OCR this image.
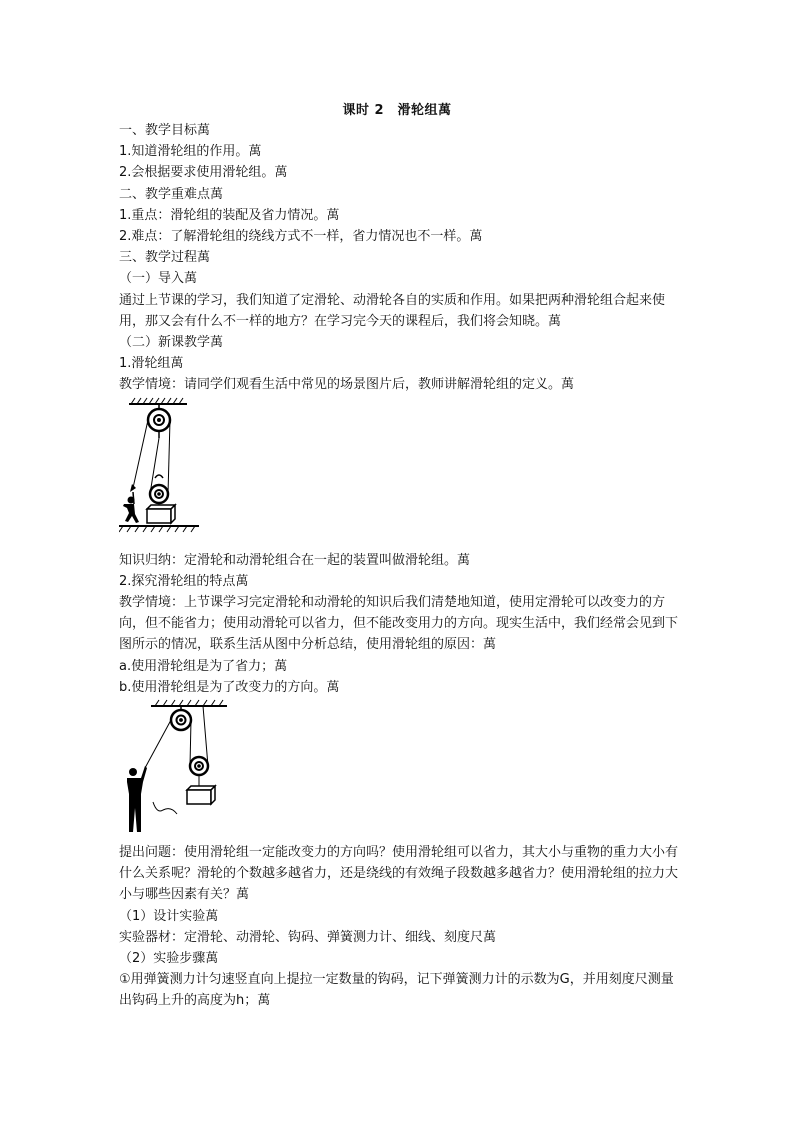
课时 2　滑轮组萬

一、教学目标萬

1.知道滑轮组的作用。萬

2.会根据要求使用滑轮组。萬

二、教学重难点萬

1.重点：滑轮组的装配及省力情况。萬

2.难点：了解滑轮组的绕线方式不一样，省力情况也不一样。萬

三、教学过程萬

（一）导入萬

通过上节课的学习，我们知道了定滑轮、动滑轮各自的实质和作用。如果把两种滑轮组合起来使用，那又会有什么不一样的地方？在学习完今天的课程后，我们将会知晓。萬

（二）新课教学萬

1.滑轮组萬

教学情境：请同学们观看生活中常见的场景图片后，教师讲解滑轮组的定义。萬

知识归纳：定滑轮和动滑轮组合在一起的装置叫做滑轮组。萬

2.探究滑轮组的特点萬

教学情境：上节课学习完定滑轮和动滑轮的知识后我们清楚地知道，使用定滑轮可以改变力的方向，但不能省力；使用动滑轮可以省力，但不能改变用力的方向。现实生活中，我们经常会见到下图所示的情况，联系生活从图中分析总结，使用滑轮组的原因：萬

a.使用滑轮组是为了省力；萬

b.使用滑轮组是为了改变力的方向。萬

提出问题：使用滑轮组一定能改变力的方向吗？使用滑轮组可以省力，其大小与重物的重力大小有什么关系呢？滑轮的个数越多越省力，还是绕线的有效绳子段数越多越省力？使用滑轮组的拉力大小与哪些因素有关？萬

（1）设计实验萬

实验器材：定滑轮、动滑轮、钩码、弹簧测力计、细线、刻度尺萬

（2）实验步骤萬

①用弹簧测力计匀速竖直向上提拉一定数量的钩码，记下弹簧测力计的示数为G，并用刻度尺测量出钩码上升的高度为h；萬
